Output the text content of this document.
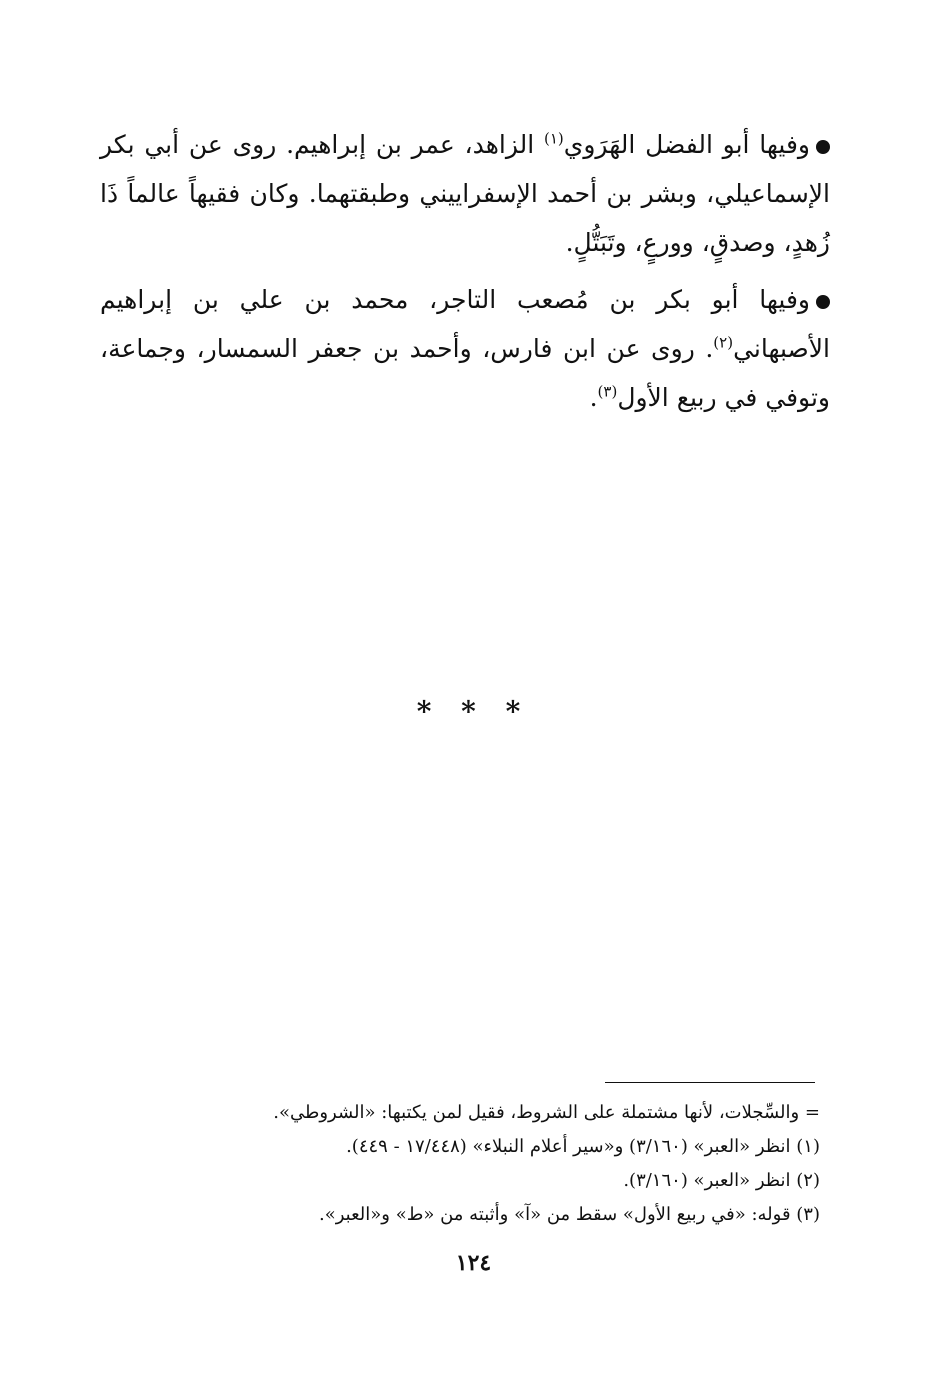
وفيها أبو الفضل الهَرَوي$^{(١)}$ الزاهد، عمر بن إبراهيم. روى عن أبي بكر الإسماعيلي، وبشر بن أحمد الإسفراييني وطبقتهما. وكان فقيهاً عالماً ذَا زُهدٍ، وصدقٍ، وورعٍ، وتَبَتُّلٍ.

وفيها أبو بكر بن مُصعب التاجر، محمد بن علي بن إبراهيم الأصبهاني$^{(٢)}$. روى عن ابن فارس، وأحمد بن جعفر السمسار، وجماعة، وتوفي في ربيع الأول$^{(٣)}$.

* * *
= والسِّجلات، لأنها مشتملة على الشروط، فقيل لمن يكتبها: «الشروطي».
(١) انظر «العبر» (٣/١٦٠) و«سير أعلام النبلاء» (١٧/٤٤٨ - ٤٤٩).
(٢) انظر «العبر» (٣/١٦٠).
(٣) قوله: «في ربيع الأول» سقط من «آ» وأثبته من «ط» و«العبر».
١٢٤
